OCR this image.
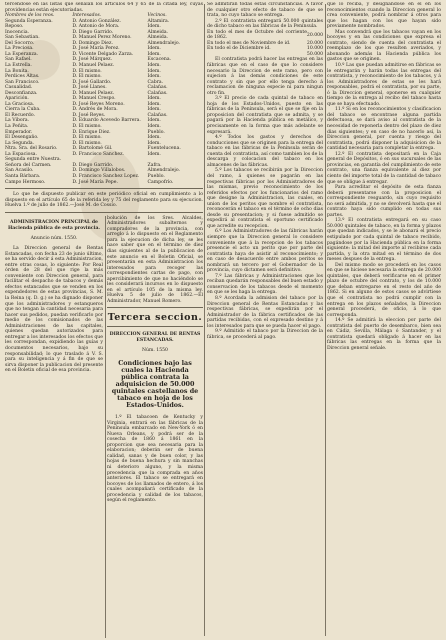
tercéndose en las listas que señalan los artículos 64 y 65 de la citada ley, cuyas providencias están ejecutoriadas.

Nombres de los reos.	Interesados.	Vecinos.
Segunda Esperanza.	D. Antonio González.	Altamira.
Reposo.	D. Antonio de Mora.	Idem.
Inocencia.	D. Diego Garrido.	Almeida.
San Sebastian.	D. Manuel Perez Moreno.	Almeida.
Del Socorro.	D. Domingo Diez.	Almendralejo.
La Preciosa.	D. José María Perez.	Idem.
La Esperanza.	D. Vicente Delgado Zarza.	Idem.
San Rafael.	D. José Márquez.	Escacena.
La Estrella.	D. Manuel Pelaez.	Idem.
La Bonita.	D. El mismo.	Idem.
Perdices Altas.	D. El mismo.	Idem.
San Francisco.	D. José Gallardo.	Cabra.
Casualidad.	D. José Llanes.	Calañas.
Desconfianza.	D. Manuel Pelaez.	Calañas.
Aparición.	D. Manuel Crespo.	Idem.
La Graciosa.	D. José Reyes Moreno.	Idem.
Cierra la Cuba.	D. Andrés de Mora.	Idem.
El Recuerdo.	D. José Reyes.	Calañas.
La Vibora.	D. Eduardo Acevedo Barrera.	Idem.
La Peñita.	D. El mismo.	Idem.
Emperador.	D. Enrique Diez.	Pueblo.
El Desengaño.	D. El mismo.	Idem.
La Segunda.	D. El mismo.	Idem.
Ntra. Sra. del Rosario.	D. Bartolomé Gil.	Fuentelucena.
La Espaciosa.	D. Francisco Sanchez.	Idem.
Segunda entre Nuestra.		
Señora del Carmen.	D. Diego Garrido.	Zafra.
San Acasilo.	D. Domingo Villalobos.	Almendralejo.
Santa Bárbara.	D. Francisco Sanchez Lopez.	Pueblo.
Campo Hermoso.	D. José María Pepe.	Campofrío.

Lo que he dispuesto publicar en este periódico oficial en cumplimiento a lo dispuesto en el artículo 65 de la referida ley y 75 del reglamento para su ejecucion. Huelva 1.º de julio de 1862.—José M. de Cossío.

ADMINISTRACION PRINCIPAL de Hacienda pública de esta provincia.

Anuncio núm. 1550.

La Direccion general de Rentas Estancadas, con fecha 23 de junio último, se ha servido decir á esta Administracion, entre otras cosas, lo siguiente: Por Real órden de 28 del que rige la más conveniente con Direccion general, para facilitar el despacho de tabacos y demás efectos estancados que se venden en los expendedores de estas provincias, S. M. la Reina (q. D. g.) se ha dignado disponer que los administradores y estanqueros que no tengan la cantidad necesaria para hacer sus pedidos, puedan verificarlo por medio de los comisionados de las Administraciones de las capitales, quienes quedan autorizados para entregar a los interesados los efectos que les correspondan, expidiendo las guías y documentos necesarios, bajo su responsabilidad; lo que traslado á V. S. para su inteligencia y á fin de que se sirva disponer la publicacion del presente en el Boletin oficial de esa provincia.

bolución de los Sres. Alcaldes, Administradores subalternos y compradores de la provincia, con arreglo á lo dispuesto en el Reglamento para la ejecucion de dicha ley, se les hace saber que en el término de diez dias siguientes al de la publicacion de este anuncio en el Boletin Oficial, se presentarán en esta Administracion los interesados para recoger las correspondientes cartas de pago, con apercibimiento de que no haciéndolo se les considerará incursos en lo dispuesto en el artículo 105 de la misma ley. Huelva 5 de julio de 1862.—El Administrador, Manuel Romero.

Tercera seccion.

DIRECCION GENERAL DE RENTAS ESTANCADAS.

Núm. 1550

Condiciones bajo las cuales la Hacienda pública contrata la adquisicion de 50.000 quintales castellanos de tabaco en hoja de los Estados-Unidos.

1.º El tabacoen de Kentucky y Virginia, entrará en las fábricas de la Península embarcado en New-York ó en Nueva Orleans, y podrá ser de la cosecha de 1860 á 1861 en la proporcion que sea necesaria para la elaboracion; deberán ser de buena calidad, sanas y de buen color, y las hojas de buena hechura y sin manchas ni deterioro alguno, y la misma precedencia que la comprada en años anteriores. El tabaco se entregará en bocoyes de los llamados de entero, á los cuales acompañará certificado de la procedencia y calidad de los tabacos, según el reglamento.

Se admitirán todas estas circunstancias. A favor de cualquier otro efecto de tabaco de que se trata, no cuyo tabaco se entrega.

2.º El contratista entregará 50.000 quintales de dicho tabaco en las fábricas de la Península.

En todo el mes de Octubre del corriente de 1862.	20.000
En todo el mes de Noviembre de id.	20.000
En todo el de Diciembre id.	10.000
	50.000

El contratista podrá hacer las entregas en las fábricas que en el caso de que lo considere necesario la Direccion de este ramo, pero con sujecion á las demás condiciones de este contrato y sin que por ello tenga derecho á reclamacion de ninguna especie ni para ningun otro fin.

3.º El precio de cada quintal de tabaco en hoja de los Estados-Unidos, puesto en las fábricas de la Península, será el que se fije en la proposicion del contratista que se admita, y se pagará por la Hacienda pública en metálico, y precisamente en la forma que más adelante se expresará.

4.º Todos los gastos y derechos de conducciones que se originen para la entrega del tabaco en las fábricas de la Península serán de cuenta del contratista, así como tambien los de la descarga y colocacion del tabaco en los almacenes de las fábricas.

5.º Los tabacos se recibirán por la Direccion del ramo, á quienes se pagarán en las respectivas fábricas por los Administradores de las mismas, previo reconocimiento de los referidos efectos por los funcionarios del ramo que designe la Administracion, las cuales, en union de los peritos que nombre el contratista, reconocerán el tabaco en el término de ocho dias desde su presentacion; y si fuese admitido se expedirá al contratista el oportuno certificado que acredite su recepcion.

6.º Los Administradores de las fábricas harán siempre que la Direccion general lo considere conveniente que á la recepcion de los tabacos presencie el acto un perito que por parte del contratista haya de asistir al reconocimiento; y en caso de desacuerdo entre ambos peritos se nombrará un tercero por el Gobernador de la provincia, cuyo dictamen será definitivo.

7.º Las fábricas y Administraciones que los reciban quedarán responsables del buen estado y conservacion de los tabacos desde el momento en que se les haga la entrega.

8.º Acordada la admision del tabaco por la Direccion general de Rentas Estancadas y las respectivas fábricas, se expedirán por el Administrador de la fábrica certificados de las partidas recibidas, con el expresado destino y á los interesados para que se pueda hacer el pago.

9.º Admitido el tabaco por la Direccion de la fábrica, se procederá al pago.

que lo reciba, y designándose en el en los reconocimientos cuando la Direccion general lo crea conveniente, podrá nombrar á otros para que los hagan con los que hayan sido previamente nombrados.

Mas convendrá que los tabacos vayan en los bocoyes y en las condiciones que expresa el contrato, siendo de cuenta del contratista el reemplazo de los que resulten averiados, y abonando además la Hacienda pública los gastos que se originen.

10.º Las que puedan admitirse en fábricas se le entregarán y harán todas las entregas del contratista, y reconocimiento de los tabacos, y á los Administradores de estas se les hará responsables, podrá el contratista, por su parte, ó la Direccion general, oponerse en cualquier tiempo de la entrega al recibo del tabaco hasta que se haya efectuado.

11.º Si en los reconocimientos y clasificacion del tabaco se encontrase alguna partida defectuosa, se dará aviso al contratista de la necesidad de reponerla dentro del plazo de diez dias siguientes; y en caso de no hacerlo así, la Direccion general, por cuenta y riesgo del contratista, podrá disponer la adquisicion de la cantidad necesaria para completar la entrega.

12.º El contratista depositará en la Caja general de Depósitos, ó en sus sucursales de las provincias, en garantía del cumplimiento de este contrato, una fianza equivalente al diez por ciento del importe total de la cantidad de tabaco que se obligue á entregar.

Para acreditar el depósito de esta fianza deberá presentarse con la proposicion el correspondiente resguardo, sin cuyo requisito no será admitida, y no se devolverá hasta que el contrato haya sido cumplido en todas sus partes.

13.º El contratista entregará en su caso 50.000 quintales de tabaco, en la forma y plazos que quedan indicados, y se le abonará el precio estipulado por cada quintal de tabaco recibido, pagándose por la Hacienda pública en la forma siguiente: la mitad del importe al recibirse cada partida, y la otra mitad en el término de dos meses despues de la entrega.

Del mismo modo se procederá en los casos en que se hiciese necesaria la entrega de 20.000 quintales, que deberá verificarse en el primer plazo de octubre del contrato, y los de 10.000 que deban entregarse en el resto del año de 1862. Si en alguno de estos casos se advirtiese que el contratista no podrá cumplir con la entrega en los plazos señalados, la Direccion general procederá, de oficio, á lo que corresponda.

14.º Se admitirá la eleccion por parte del contratista del puerto de desembarco, bien sea en Cádiz, Sevilla, Málaga ó Santander, y el contratista quedará obligado á hacer en las fábricas las entregas en la forma que la Direccion general señale.
